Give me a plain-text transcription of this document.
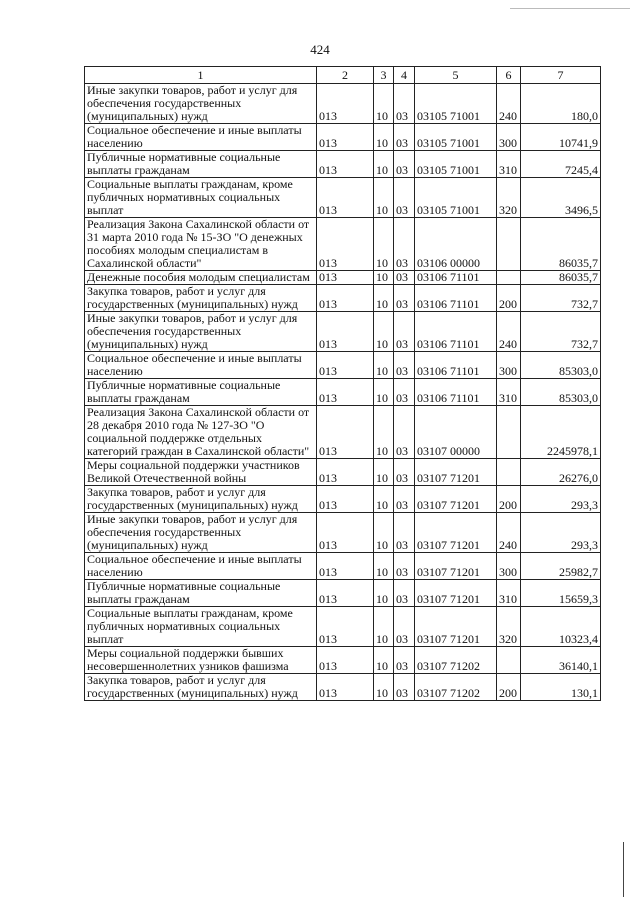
424
1	2	3	4	5	6	7
Иные закупки товаров, работ и услуг для обеспечения государственных (муниципальных) нужд	013	10	03	03105 71001	240	180,0
Социальное обеспечение и иные выплаты населению	013	10	03	03105 71001	300	10741,9
Публичные нормативные социальные выплаты гражданам	013	10	03	03105 71001	310	7245,4
Социальные выплаты гражданам, кроме публичных нормативных социальных выплат	013	10	03	03105 71001	320	3496,5
Реализация Закона Сахалинской области от 31 марта 2010 года № 15-ЗО "О денежных пособиях молодым специалистам в Сахалинской области"	013	10	03	03106 00000		86035,7
Денежные пособия молодым специалистам	013	10	03	03106 71101		86035,7
Закупка товаров, работ и услуг для государственных (муниципальных) нужд	013	10	03	03106 71101	200	732,7
Иные закупки товаров, работ и услуг для обеспечения государственных (муниципальных) нужд	013	10	03	03106 71101	240	732,7
Социальное обеспечение и иные выплаты населению	013	10	03	03106 71101	300	85303,0
Публичные нормативные социальные выплаты гражданам	013	10	03	03106 71101	310	85303,0
Реализация Закона Сахалинской области от 28 декабря 2010 года № 127-ЗО "О социальной поддержке отдельных категорий граждан в Сахалинской области"	013	10	03	03107 00000		2245978,1
Меры социальной поддержки участников Великой Отечественной войны	013	10	03	03107 71201		26276,0
Закупка товаров, работ и услуг для государственных (муниципальных) нужд	013	10	03	03107 71201	200	293,3
Иные закупки товаров, работ и услуг для обеспечения государственных (муниципальных) нужд	013	10	03	03107 71201	240	293,3
Социальное обеспечение и иные выплаты населению	013	10	03	03107 71201	300	25982,7
Публичные нормативные социальные выплаты гражданам	013	10	03	03107 71201	310	15659,3
Социальные выплаты гражданам, кроме публичных нормативных социальных выплат	013	10	03	03107 71201	320	10323,4
Меры социальной поддержки бывших несовершеннолетних узников фашизма	013	10	03	03107 71202		36140,1
Закупка товаров, работ и услуг для государственных (муниципальных) нужд	013	10	03	03107 71202	200	130,1
